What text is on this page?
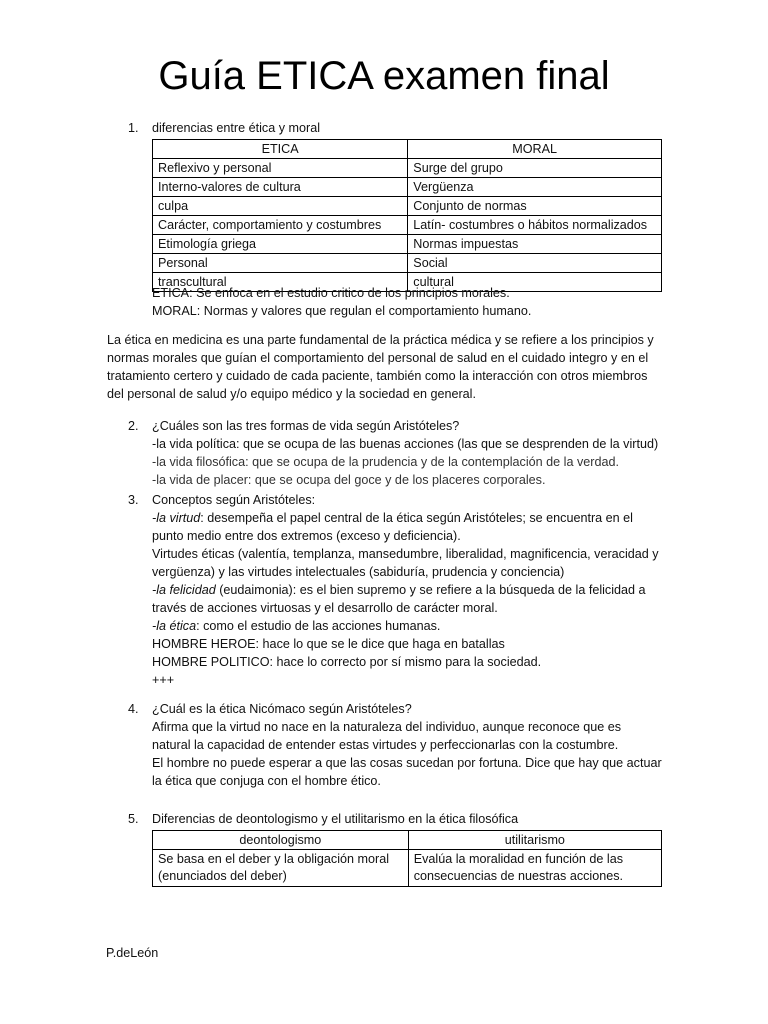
Guía ETICA examen final
1. diferencias entre ética y moral
ETICA	MORAL
Reflexivo y personal	Surge del grupo
Interno-valores de cultura	Vergüenza
culpa	Conjunto de normas
Carácter, comportamiento y costumbres	Latín- costumbres o hábitos normalizados
Etimología griega	Normas impuestas
Personal	Social
transcultural	cultural
ETICA: Se enfoca en el estudio critico de los principios morales.
MORAL: Normas y valores que regulan el comportamiento humano.
La ética en medicina es una parte fundamental de la práctica médica y se refiere a los principios y
normas morales que guían el comportamiento del personal de salud en el cuidado integro y en el
tratamiento certero y cuidado de cada paciente, también como la interacción con otros miembros
del personal de salud y/o equipo médico y la sociedad en general.
2. ¿Cuáles son las tres formas de vida según Aristóteles?
-la vida política: que se ocupa de las buenas acciones (las que se desprenden de la virtud)
-la vida filosófica: que se ocupa de la prudencia y de la contemplación de la verdad.
-la vida de placer: que se ocupa del goce y de los placeres corporales.
3. Conceptos según Aristóteles:
-la virtud: desempeña el papel central de la ética según Aristóteles; se encuentra en el
punto medio entre dos extremos (exceso y deficiencia).
Virtudes éticas (valentía, templanza, mansedumbre, liberalidad, magnificencia, veracidad y
vergüenza) y las virtudes intelectuales (sabiduría, prudencia y conciencia)
-la felicidad (eudaimonia): es el bien supremo y se refiere a la búsqueda de la felicidad a
través de acciones virtuosas y el desarrollo de carácter moral.
-la ética: como el estudio de las acciones humanas.
HOMBRE HEROE: hace lo que se le dice que haga en batallas
HOMBRE POLITICO: hace lo correcto por sí mismo para la sociedad.
+++
4. ¿Cuál es la ética Nicómaco según Aristóteles?
Afirma que la virtud no nace en la naturaleza del individuo, aunque reconoce que es
natural la capacidad de entender estas virtudes y perfeccionarlas con la costumbre.
El hombre no puede esperar a que las cosas sucedan por fortuna. Dice que hay que actuar
la ética que conjuga con el hombre ético.
5. Diferencias de deontologismo y el utilitarismo en la ética filosófica
deontologismo	utilitarismo

Se basa en el deber y la obligación moral
(enunciados del deber)	Evalúa la moralidad en función de las
consecuencias de nuestras acciones.
P.deLeón
